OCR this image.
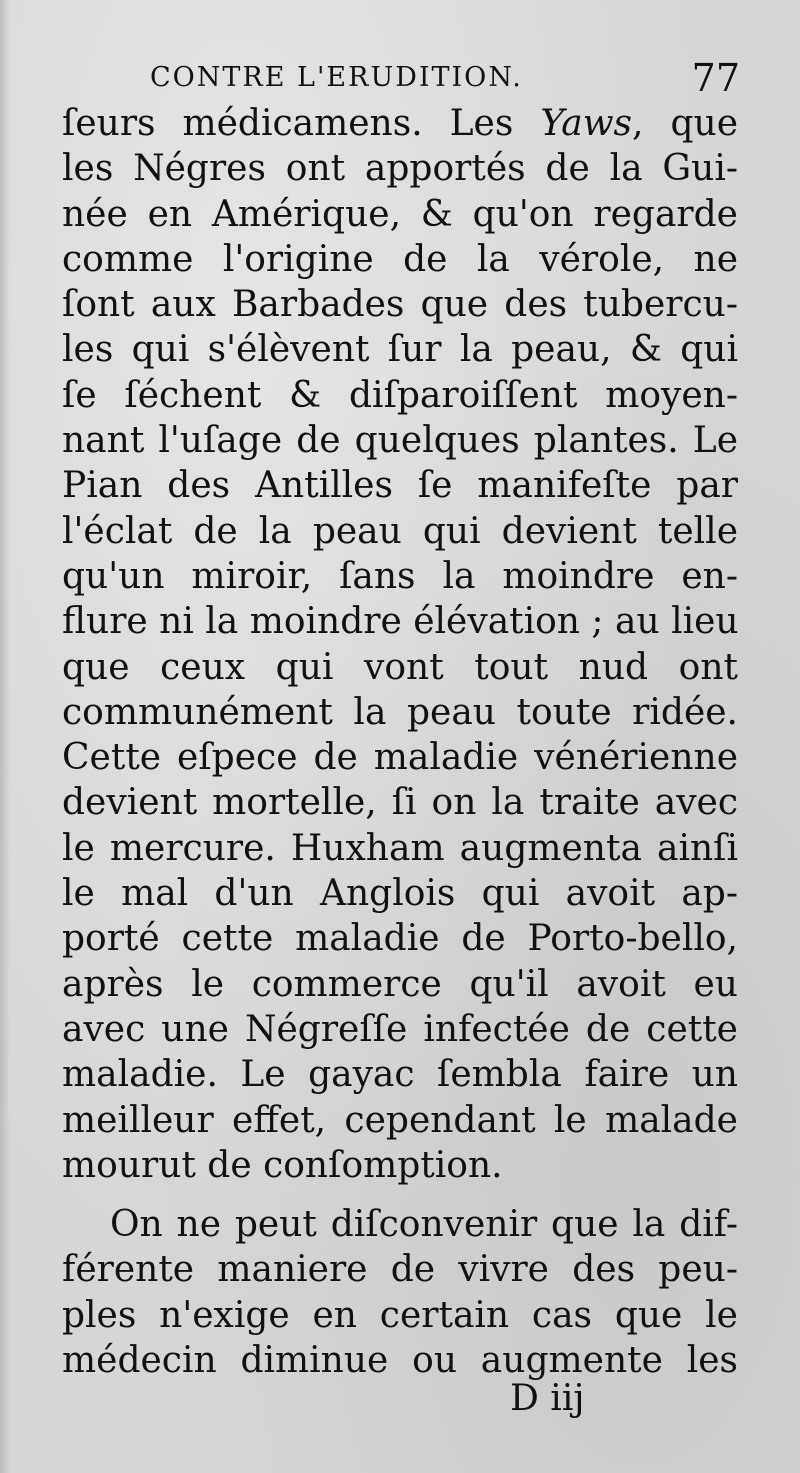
CONTRE L'ERUDITION.	77
ſeurs médicamens. Les Yaws, que
les Négres ont apportés de la Gui-
née en Amérique, & qu'on regarde
comme l'origine de la vérole, ne
ſont aux Barbades que des tubercu-
les qui s'élèvent ſur la peau, & qui
ſe ſéchent & diſparoiſſent moyen-
nant l'uſage de quelques plantes. Le
Pian des Antilles ſe manifeſte par
l'éclat de la peau qui devient telle
qu'un miroir, ſans la moindre en-
flure ni la moindre élévation ; au lieu
que ceux qui vont tout nud ont
communément la peau toute ridée.
Cette eſpece de maladie vénérienne
devient mortelle, ſi on la traite avec
le mercure. Huxham augmenta ainſi
le mal d'un Anglois qui avoit ap-
porté cette maladie de Porto-bello,
après le commerce qu'il avoit eu
avec une Négreſſe infectée de cette
maladie. Le gayac ſembla faire un
meilleur effet, cependant le malade
mourut de conſomption.
On ne peut diſconvenir que la dif-
férente maniere de vivre des peu-
ples n'exige en certain cas que le
médecin diminue ou augmente les
D iij
